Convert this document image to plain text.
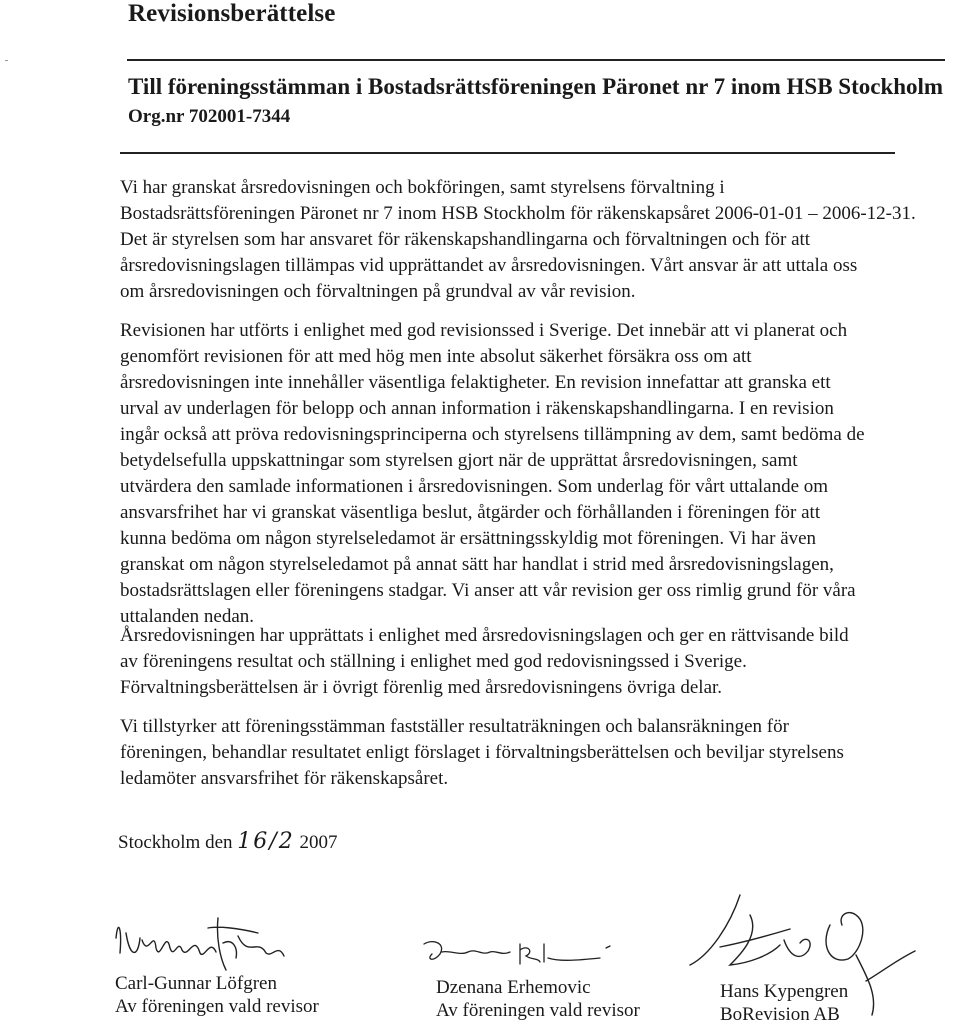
Revisionsberättelse

Till föreningsstämman i Bostadsrättsföreningen Päronet nr 7 inom HSB Stockholm

Org.nr 702001-7344

Vi har granskat årsredovisningen och bokföringen, samt styrelsens förvaltning i
Bostadsrättsföreningen Päronet nr 7 inom HSB Stockholm för räkenskapsåret 2006-01-01 – 2006-12-31.
Det är styrelsen som har ansvaret för räkenskapshandlingarna och förvaltningen och för att
årsredovisningslagen tillämpas vid upprättandet av årsredovisningen. Vårt ansvar är att uttala oss
om årsredovisningen och förvaltningen på grundval av vår revision.
Revisionen har utförts i enlighet med god revisionssed i Sverige. Det innebär att vi planerat och
genomfört revisionen för att med hög men inte absolut säkerhet försäkra oss om att
årsredovisningen inte innehåller väsentliga felaktigheter. En revision innefattar att granska ett
urval av underlagen för belopp och annan information i räkenskapshandlingarna. I en revision
ingår också att pröva redovisningsprinciperna och styrelsens tillämpning av dem, samt bedöma de
betydelsefulla uppskattningar som styrelsen gjort när de upprättat årsredovisningen, samt
utvärdera den samlade informationen i årsredovisningen. Som underlag för vårt uttalande om
ansvarsfrihet har vi granskat väsentliga beslut, åtgärder och förhållanden i föreningen för att
kunna bedöma om någon styrelseledamot är ersättningsskyldig mot föreningen. Vi har även
granskat om någon styrelseledamot på annat sätt har handlat i strid med årsredovisningslagen,
bostadsrättslagen eller föreningens stadgar. Vi anser att vår revision ger oss rimlig grund för våra
uttalanden nedan.
Årsredovisningen har upprättats i enlighet med årsredovisningslagen och ger en rättvisande bild
av föreningens resultat och ställning i enlighet med god redovisningssed i Sverige.
Förvaltningsberättelsen är i övrigt förenlig med årsredovisningens övriga delar.
Vi tillstyrker att föreningsstämman fastställer resultaträkningen och balansräkningen för
föreningen, behandlar resultatet enligt förslaget i förvaltningsberättelsen och beviljar styrelsens
ledamöter ansvarsfrihet för räkenskapsåret.

Stockholm den 16/2 2007

Carl-Gunnar Löfgren
Av föreningen vald revisor
Dzenana Erhemovic
Av föreningen vald revisor
Hans Kypengren
BoRevision AB
